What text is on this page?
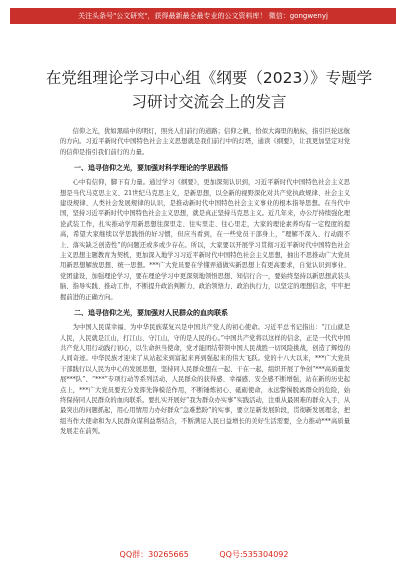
关注头条号"公文研究"，获得最新最全最专业的公文资料库！ 微信：gongwenyj
在党组理论学习中心组《纲要（2023）》专题学习研讨交流会上的发言

信仰之光，犹如黑暗中的明灯，照亮人们前行的道路；信仰之帆，恰似大海里的航标，指引巨轮远航的方向。习近平新时代中国特色社会主义思想就是我们前行中的灯塔，通读《纲要》，让我更加坚定对党的信仰是指引我们前行的力量。

一、追寻信仰之光，要加强对科学理论的学思践悟

心中有信仰，脚下有力量。通过学习《纲要》，更加深刻认识到，习近平新时代中国特色社会主义思想是当代马克思主义、21世纪马克思主义，是新思想，以全新的视野深化对共产党执政规律、社会主义建设规律、人类社会发展规律的认识，是推动新时代中国特色社会主义事业的根本指导思想。在当代中国，坚持习近平新时代中国特色社会主义思想，就是真正坚持马克思主义。近几年来，办公厅持续强化理论武装工作，扎实推动学用新思想往深里走、往实里走、往心里走，大家的理论素养均有一定程度的提高，希望大家继续以学思践悟的好习惯，但应当看到，在一些党员干部身上，“理解不深入、行动跟不上、落实缺乏创造性”的问题还或多或少存在。所以，大家要以开展学习贯彻习近平新时代中国特色社会主义思想主题教育为契机，更加深入地学习习近平新时代中国特色社会主义思想，抽出不思推动广大党员用新思想解放思想、统一思想。***广大党员要在学懂弄通做实新思想上有更高要求，自觉认识到事业、党团建设，加强理论学习，要在理论学习中更深刻地领悟思想、知信行合一，要始终坚持以新思想武装头脑、指导实践、推动工作，不断提升政治判断力、政治领悟力、政治执行力，以坚定的理想信念，牢牢把握前进的正确方向。

二、追寻信仰之光，要加强对人民群众的血肉联系

为中国人民谋幸福、为中华民族谋复兴是中国共产党人的初心使命。习近平总书记指出：“江山就是人民，人民就是江山，打江山、守江山，守的是人民的心。”中国共产党将以这样的信念，正是一代代中国共产党人用行动践行初心，以生命担当使命，党才能团结带领中国人民战胜一切风险挑战，创造了辉煌的人间奇迹。中华民族才迎来了从站起来到富起来再到强起来的伟大飞跃。党的十八大以来，***广大党员干部践行以人民为中心的发展思想，坚持同人民群众想在一起、干在一起，组织开展了争创“***高质量发展***队”、“***”专项行动等系列活动，人民群众的获得感、幸福感、安全感不断增强，站在新的历史起点上，***广大党员要充分发挥先锋模范作用，不断锤炼初心、砥砺使命，永远警惕脱离群众的危险，始终保持同人民群众的血肉联系。要扎实开展好“我为群众办实事”实践活动，注重从最困难的群众入手、从最突出的问题抓起，用心用情用力办好群众“急难愁盼”的实事，要立足新发展阶段，贯彻新发展理念，把组当作大使命和为人民群众谋利益帮结合，不断满足人民日益增长的美好生活需要，全力推动***高质量发展走在前列。

QQ群：30265665	QQ号:535304092
